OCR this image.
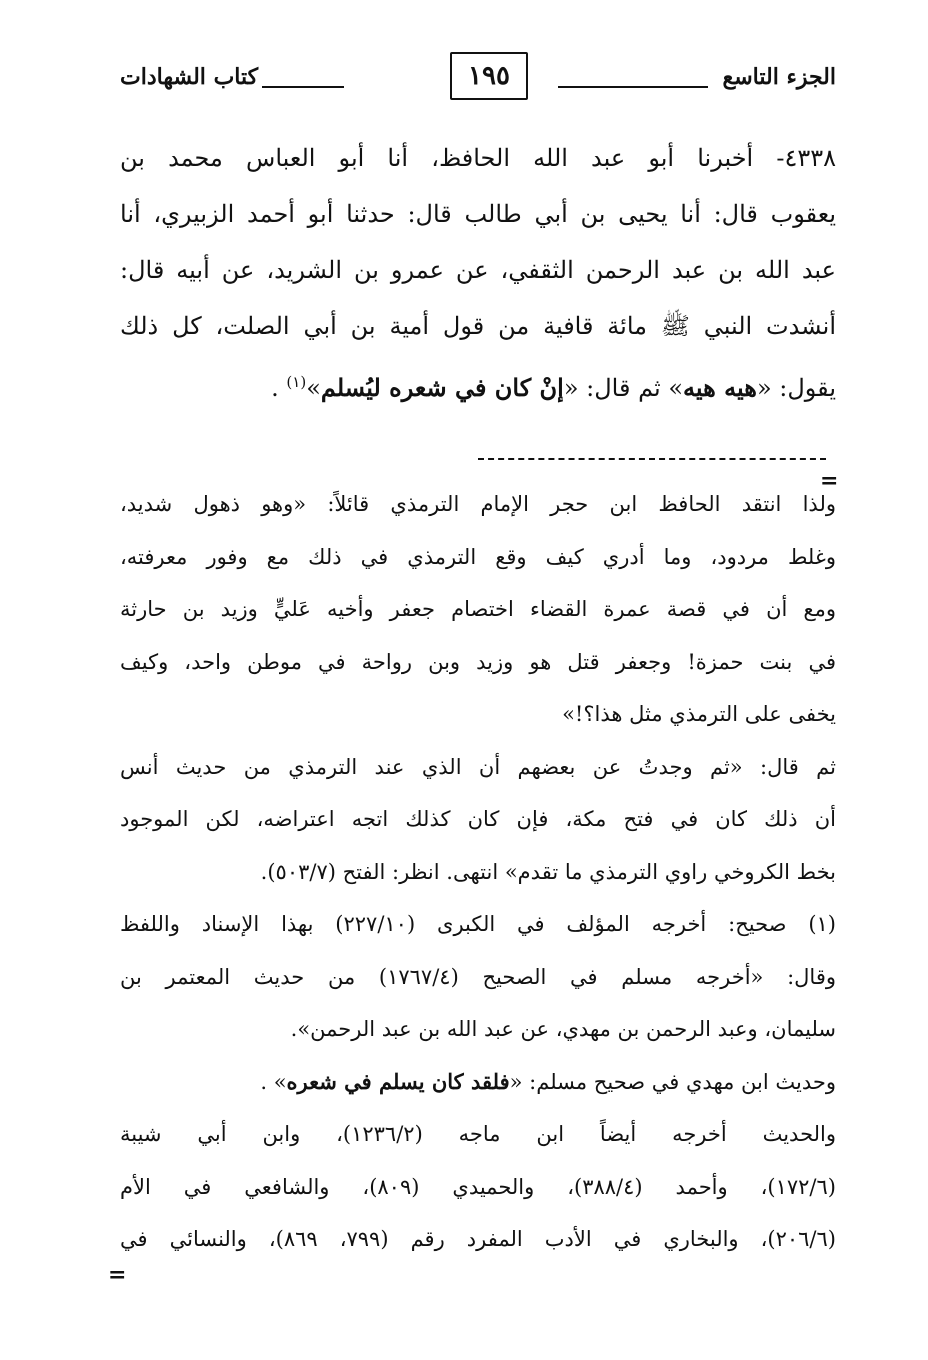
الجزء التاسع
١٩٥
كتاب الشهادات
٤٣٣٨- أخبرنا أبو عبد الله الحافظ، أنا أبو العباس محمد بن
يعقوب قال: أنا يحيى بن أبي طالب قال: حدثنا أبو أحمد الزبيري، أنا
عبد الله بن عبد الرحمن الثقفي، عن عمرو بن الشريد، عن أبيه قال:
أنشدت النبي ﷺ مائة قافية من قول أمية بن أبي الصلت، كل ذلك
يقول: «هيه هيه» ثم قال: «إنْ كان في شعره ليُسلم»$^{(١)}$ .
=
ولذا انتقد الحافظ ابن حجر الإمام الترمذي قائلاً: «وهو ذهول شديد،
وغلط مردود، وما أدري كيف وقع الترمذي في ذلك مع وفور معرفته،
ومع أن في قصة عمرة القضاء اختصام جعفر وأخيه عَليٍّ وزيد بن حارثة
في بنت حمزة! وجعفر قتل هو وزيد وبن رواحة في موطن واحد، وكيف
يخفى على الترمذي مثل هذا؟!»
ثم قال: «ثم وجدتُ عن بعضهم أن الذي عند الترمذي من حديث أنس
أن ذلك كان في فتح مكة، فإن كان كذلك اتجه اعتراضه، لكن الموجود
بخط الكروخي راوي الترمذي ما تقدم» انتهى. انظر: الفتح (٥٠٣/٧).
(١) صحيح: أخرجه المؤلف في الكبرى (٢٢٧/١٠) بهذا الإسناد واللفظ
وقال: «أخرجه مسلم في الصحيح (١٧٦٧/٤) من حديث المعتمر بن
سليمان، وعبد الرحمن بن مهدي، عن عبد الله بن عبد الرحمن».
وحديث ابن مهدي في صحيح مسلم: «فلقد كان يسلم في شعره» .
والحديث أخرجه أيضاً ابن ماجه (١٢٣٦/٢)، وابن أبي شيبة
(١٧٢/٦)، وأحمد (٣٨٨/٤)، والحميدي (٨٠٩)، والشافعي في الأم
(٢٠٦/٦)، والبخاري في الأدب المفرد رقم (٧٩٩، ٨٦٩)، والنسائي في
=
